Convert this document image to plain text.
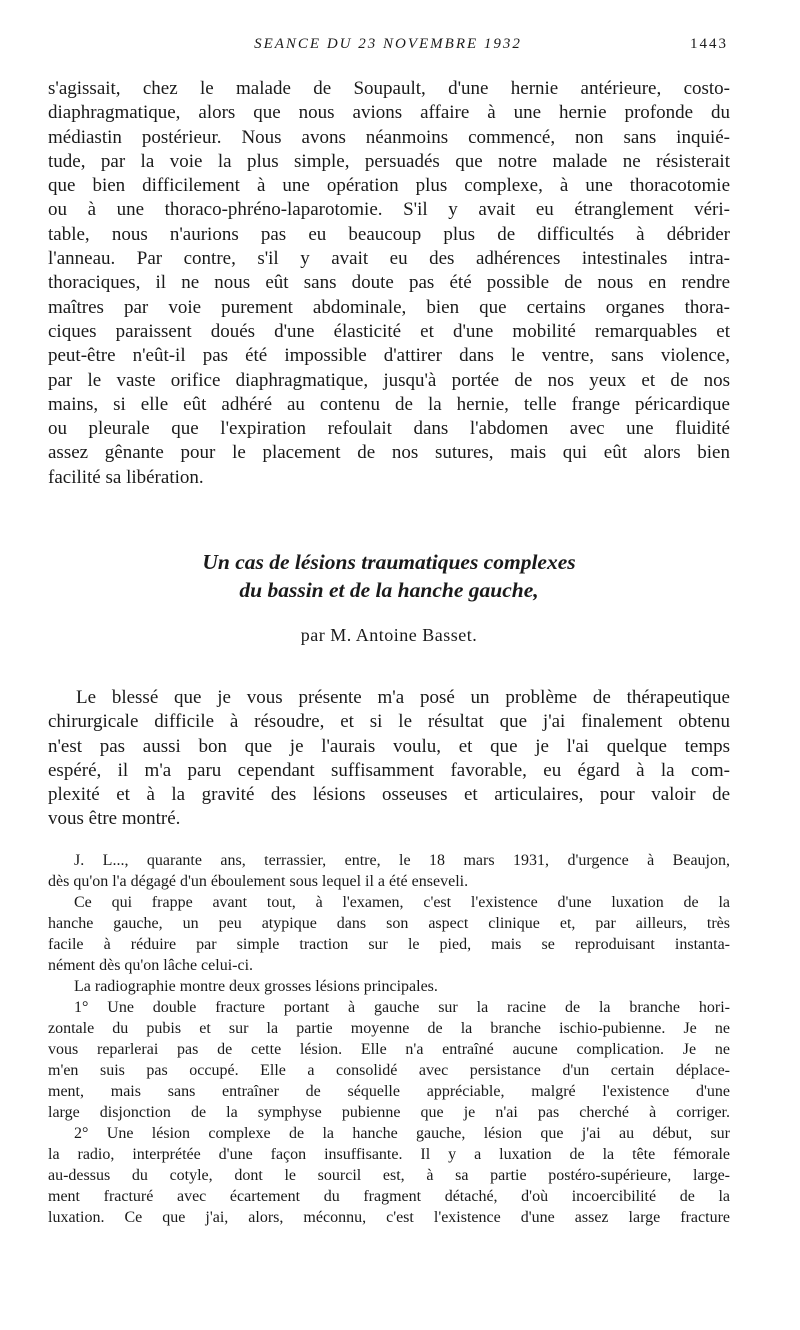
SEANCE DU 23 NOVEMBRE 1932	1443
s'agissait, chez le malade de Soupault, d'une hernie antérieure, costo-
diaphragmatique, alors que nous avions affaire à une hernie profonde du
médiastin postérieur. Nous avons néanmoins commencé, non sans inquié-
tude, par la voie la plus simple, persuadés que notre malade ne résisterait
que bien difficilement à une opération plus complexe, à une thoracotomie
ou à une thoraco-phréno-laparotomie. S'il y avait eu étranglement véri-
table, nous n'aurions pas eu beaucoup plus de difficultés à débrider
l'anneau. Par contre, s'il y avait eu des adhérences intestinales intra-
thoraciques, il ne nous eût sans doute pas été possible de nous en rendre
maîtres par voie purement abdominale, bien que certains organes thora-
ciques paraissent doués d'une élasticité et d'une mobilité remarquables et
peut-être n'eût-il pas été impossible d'attirer dans le ventre, sans violence,
par le vaste orifice diaphragmatique, jusqu'à portée de nos yeux et de nos
mains, si elle eût adhéré au contenu de la hernie, telle frange péricardique
ou pleurale que l'expiration refoulait dans l'abdomen avec une fluidité
assez gênante pour le placement de nos sutures, mais qui eût alors bien
facilité sa libération.
Un cas de lésions traumatiques complexes
du bassin et de la hanche gauche,
par M. Antoine Basset.
Le blessé que je vous présente m'a posé un problème de thérapeutique
chirurgicale difficile à résoudre, et si le résultat que j'ai finalement obtenu
n'est pas aussi bon que je l'aurais voulu, et que je l'ai quelque temps
espéré, il m'a paru cependant suffisamment favorable, eu égard à la com-
plexité et à la gravité des lésions osseuses et articulaires, pour valoir de
vous être montré.
J. L..., quarante ans, terrassier, entre, le 18 mars 1931, d'urgence à Beaujon,
dès qu'on l'a dégagé d'un éboulement sous lequel il a été enseveli.
Ce qui frappe avant tout, à l'examen, c'est l'existence d'une luxation de la
hanche gauche, un peu atypique dans son aspect clinique et, par ailleurs, très
facile à réduire par simple traction sur le pied, mais se reproduisant instanta-
nément dès qu'on lâche celui-ci.
La radiographie montre deux grosses lésions principales.
1° Une double fracture portant à gauche sur la racine de la branche hori-
zontale du pubis et sur la partie moyenne de la branche ischio-pubienne. Je ne
vous reparlerai pas de cette lésion. Elle n'a entraîné aucune complication. Je ne
m'en suis pas occupé. Elle a consolidé avec persistance d'un certain déplace-
ment, mais sans entraîner de séquelle appréciable, malgré l'existence d'une
large disjonction de la symphyse pubienne que je n'ai pas cherché à corriger.
2° Une lésion complexe de la hanche gauche, lésion que j'ai au début, sur
la radio, interprétée d'une façon insuffisante. Il y a luxation de la tête fémorale
au-dessus du cotyle, dont le sourcil est, à sa partie postéro-supérieure, large-
ment fracturé avec écartement du fragment détaché, d'où incoercibilité de la
luxation. Ce que j'ai, alors, méconnu, c'est l'existence d'une assez large fracture
